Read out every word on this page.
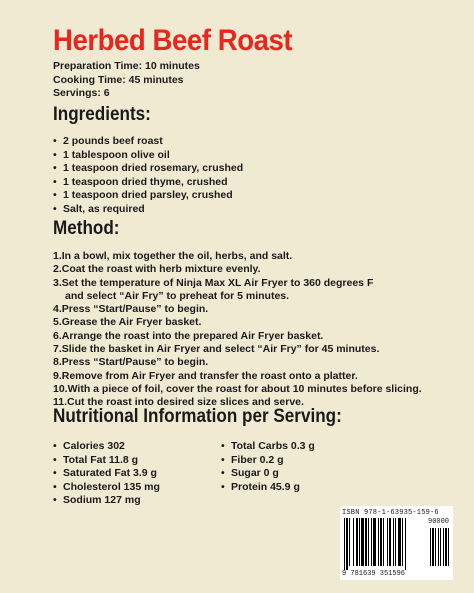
Herbed Beef Roast
Preparation Time: 10 minutes
Cooking Time: 45 minutes
Servings: 6
Ingredients:
• 2 pounds beef roast
• 1 tablespoon olive oil
• 1 teaspoon dried rosemary, crushed
• 1 teaspoon dried thyme, crushed
• 1 teaspoon dried parsley, crushed
• Salt, as required
Method:
1.In a bowl, mix together the oil, herbs, and salt.
2.Coat the roast with herb mixture evenly.
3.Set the temperature of Ninja Max XL Air Fryer to 360 degrees F
and select “Air Fry” to preheat for 5 minutes.
4.Press “Start/Pause” to begin.
5.Grease the Air Fryer basket.
6.Arrange the roast into the prepared Air Fryer basket.
7.Slide the basket in Air Fryer and select “Air Fry” for 45 minutes.
8.Press “Start/Pause” to begin.
9.Remove from Air Fryer and transfer the roast onto a platter.
10.With a piece of foil, cover the roast for about 10 minutes before slicing.
11.Cut the roast into desired size slices and serve.
Nutritional Information per Serving:
• Calories 302
• Total Fat 11.8 g
• Saturated Fat 3.9 g
• Cholesterol 135 mg
• Sodium 127 mg
• Total Carbs 0.3 g
• Fiber 0.2 g
• Sugar 0 g
• Protein 45.9 g
ISBN 978-1-63935-159-6
9 781639 351596
90000
